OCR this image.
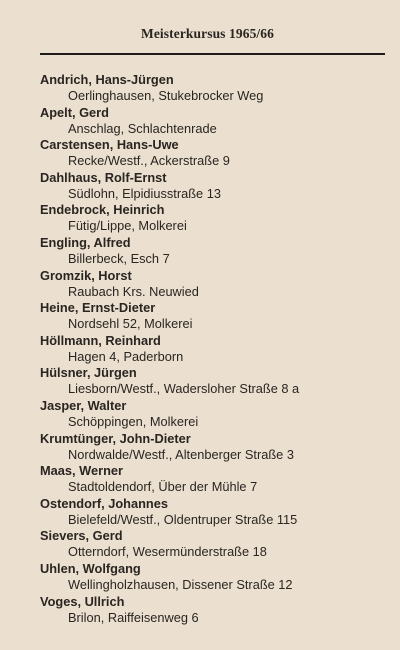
Meisterkursus 1965/66
Andrich, Hans-Jürgen
Oerlinghausen, Stukebrocker Weg
Apelt, Gerd
Anschlag, Schlachtenrade
Carstensen, Hans-Uwe
Recke/Westf., Ackerstraße 9
Dahlhaus, Rolf-Ernst
Südlohn, Elpidiusstraße 13
Endebrock, Heinrich
Fütig/Lippe, Molkerei
Engling, Alfred
Billerbeck, Esch 7
Gromzik, Horst
Raubach Krs. Neuwied
Heine, Ernst-Dieter
Nordsehl 52, Molkerei
Höllmann, Reinhard
Hagen 4, Paderborn
Hülsner, Jürgen
Liesborn/Westf., Wadersloher Straße 8 a
Jasper, Walter
Schöppingen, Molkerei
Krumtünger, John-Dieter
Nordwalde/Westf., Altenberger Straße 3
Maas, Werner
Stadtoldendorf, Über der Mühle 7
Ostendorf, Johannes
Bielefeld/Westf., Oldentruper Straße 115
Sievers, Gerd
Otterndorf, Wesermünderstraße 18
Uhlen, Wolfgang
Wellingholzhausen, Dissener Straße 12
Voges, Ullrich
Brilon, Raiffeisenweg 6
